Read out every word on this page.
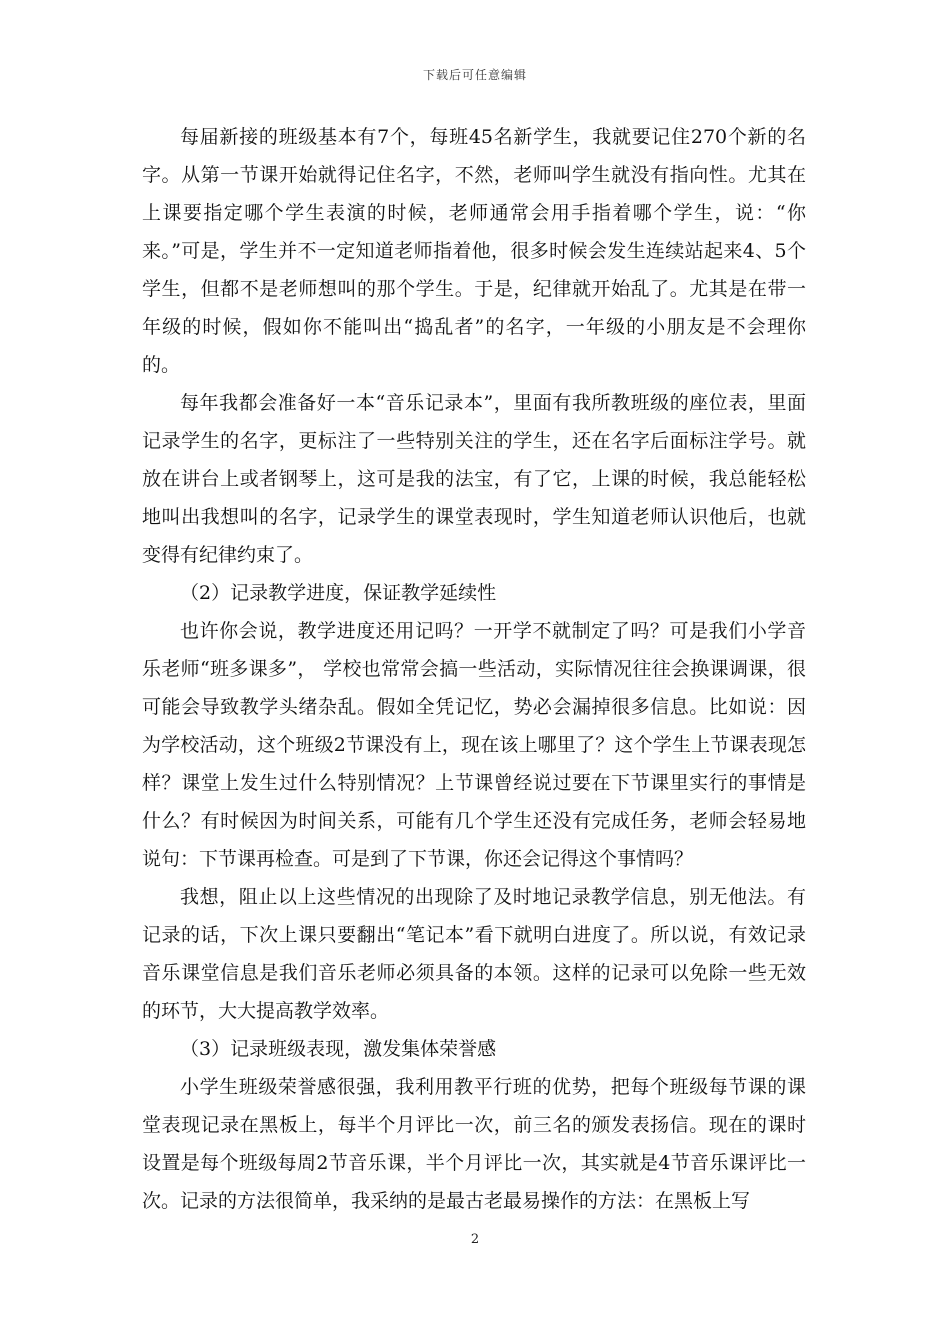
下载后可任意编辑

每届新接的班级基本有7个，每班45名新学生，我就要记住270个新的名字。从第一节课开始就得记住名字，不然，老师叫学生就没有指向性。尤其在上课要指定哪个学生表演的时候，老师通常会用手指着哪个学生，说：“你来。”可是，学生并不一定知道老师指着他，很多时候会发生连续站起来4、5个学生，但都不是老师想叫的那个学生。于是，纪律就开始乱了。尤其是在带一年级的时候，假如你不能叫出“捣乱者”的名字，一年级的小朋友是不会理你的。

每年我都会准备好一本“音乐记录本”，里面有我所教班级的座位表，里面记录学生的名字，更标注了一些特别关注的学生，还在名字后面标注学号。就放在讲台上或者钢琴上，这可是我的法宝，有了它，上课的时候，我总能轻松地叫出我想叫的名字，记录学生的课堂表现时，学生知道老师认识他后，也就变得有纪律约束了。

（2）记录教学进度，保证教学延续性

也许你会说，教学进度还用记吗？一开学不就制定了吗？可是我们小学音乐老师“班多课多”， 学校也常常会搞一些活动，实际情况往往会换课调课，很可能会导致教学头绪杂乱。假如全凭记忆，势必会漏掉很多信息。比如说：因为学校活动，这个班级2节课没有上，现在该上哪里了？这个学生上节课表现怎样？课堂上发生过什么特别情况？上节课曾经说过要在下节课里实行的事情是什么？有时候因为时间关系，可能有几个学生还没有完成任务，老师会轻易地说句：下节课再检查。可是到了下节课，你还会记得这个事情吗？

我想，阻止以上这些情况的出现除了及时地记录教学信息，别无他法。有记录的话，下次上课只要翻出“笔记本”看下就明白进度了。所以说，有效记录音乐课堂信息是我们音乐老师必须具备的本领。这样的记录可以免除一些无效的环节，大大提高教学效率。

（3）记录班级表现，激发集体荣誉感

小学生班级荣誉感很强，我利用教平行班的优势，把每个班级每节课的课堂表现记录在黑板上，每半个月评比一次，前三名的颁发表扬信。现在的课时设置是每个班级每周2节音乐课，半个月评比一次，其实就是4节音乐课评比一次。记录的方法很简单，我采纳的是最古老最易操作的方法：在黑板上写

2
